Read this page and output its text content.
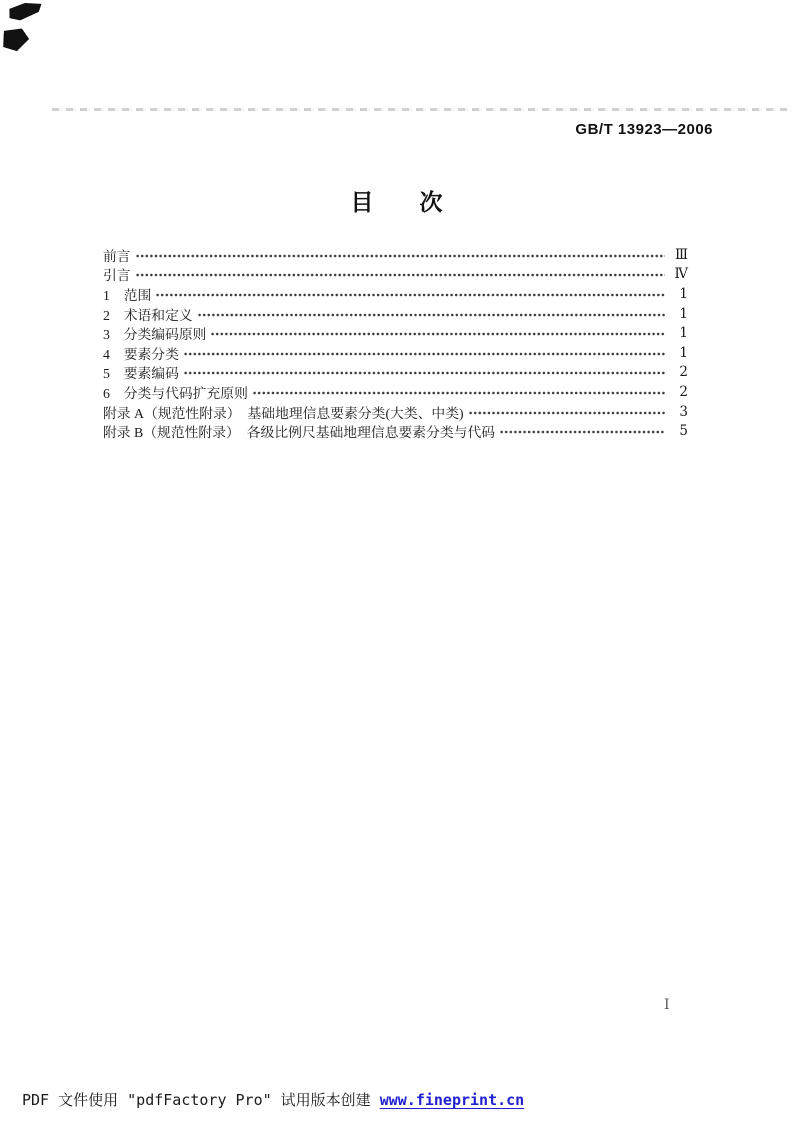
GB/T 13923—2006
目　　次
前言	Ⅲ
引言	Ⅳ
1　范围	1
2　术语和定义	1
3　分类编码原则	1
4　要素分类	1
5　要素编码	2
6　分类与代码扩充原则	2
附录 A（规范性附录）　基础地理信息要素分类(大类、中类)	3
附录 B（规范性附录）　各级比例尺基础地理信息要素分类与代码	5
Ⅰ
PDF 文件使用 "pdfFactory Pro" 试用版本创建 www.fineprint.cn
